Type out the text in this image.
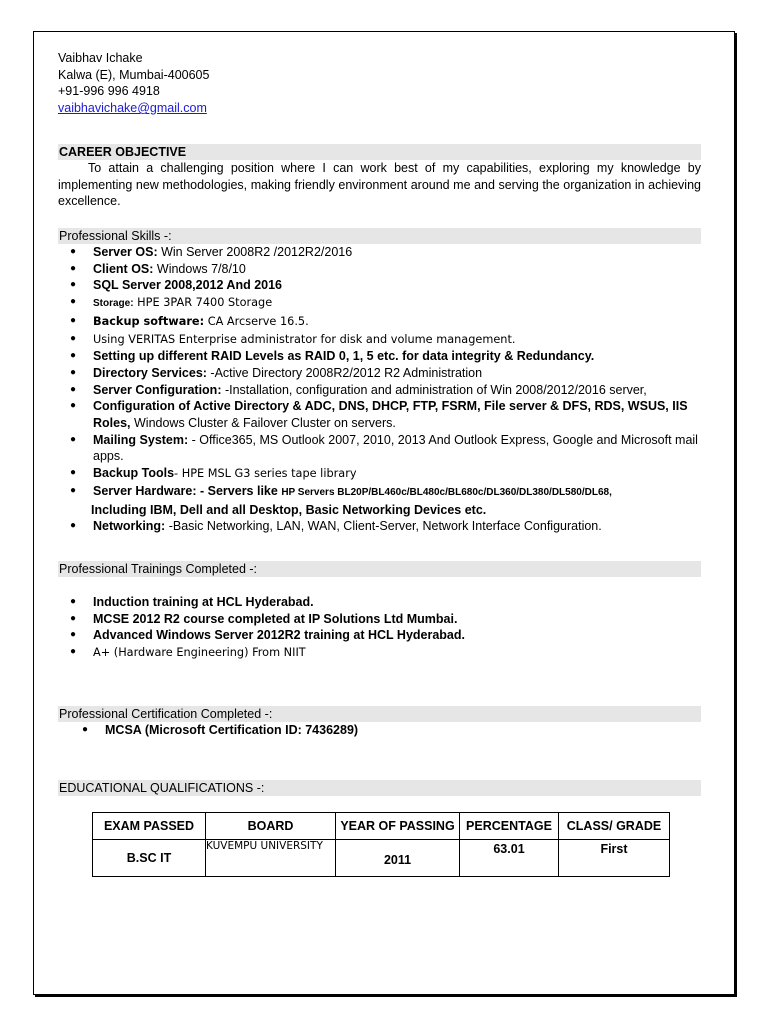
Vaibhav Ichake
Kalwa (E), Mumbai-400605
+91-996 996 4918
vaibhavichake@gmail.com
CAREER OBJECTIVE

To attain a challenging position where I can work best of my capabilities, exploring my knowledge by implementing new methodologies, making friendly environment around me and serving the organization in achieving excellence.

Professional Skills -:
● Server OS: Win Server 2008R2 /2012R2/2016
● Client OS: Windows 7/8/10
● SQL Server 2008,2012 And 2016
● Storage: HPE 3PAR 7400 Storage
● Backup software: CA Arcserve 16.5.
● Using VERITAS Enterprise administrator for disk and volume management.
● Setting up different RAID Levels as RAID 0, 1, 5 etc. for data integrity & Redundancy.
● Directory Services: -Active Directory 2008R2/2012 R2 Administration
● Server Configuration: -Installation, configuration and administration of Win 2008/2012/2016 server,
● Configuration of Active Directory & ADC, DNS, DHCP, FTP, FSRM, File server & DFS, RDS, WSUS, IIS Roles, Windows Cluster & Failover Cluster on servers.
● Mailing System: - Office365, MS Outlook 2007, 2010, 2013 And Outlook Express, Google and Microsoft mail apps.
● Backup Tools- HPE MSL G3 series tape library
● Server Hardware: - Servers like HP Servers BL20P/BL460c/BL480c/BL680c/DL360/DL380/DL580/DL68,
Including IBM, Dell and all Desktop, Basic Networking Devices etc.
● Networking: -Basic Networking, LAN, WAN, Client-Server, Network Interface Configuration.
Professional Trainings Completed -:
● Induction training at HCL Hyderabad.
● MCSE 2012 R2 course completed at IP Solutions Ltd Mumbai.
● Advanced Windows Server 2012R2 training at HCL Hyderabad.
● A+ (Hardware Engineering) From NIIT
Professional Certification Completed -:
● MCSA (Microsoft Certification ID: 7436289)
EDUCATIONAL QUALIFICATIONS -:
EXAM PASSED	BOARD	YEAR OF PASSING	PERCENTAGE	CLASS/ GRADE
B.SC IT	KUVEMPU UNIVERSITY	2011	63.01	First
